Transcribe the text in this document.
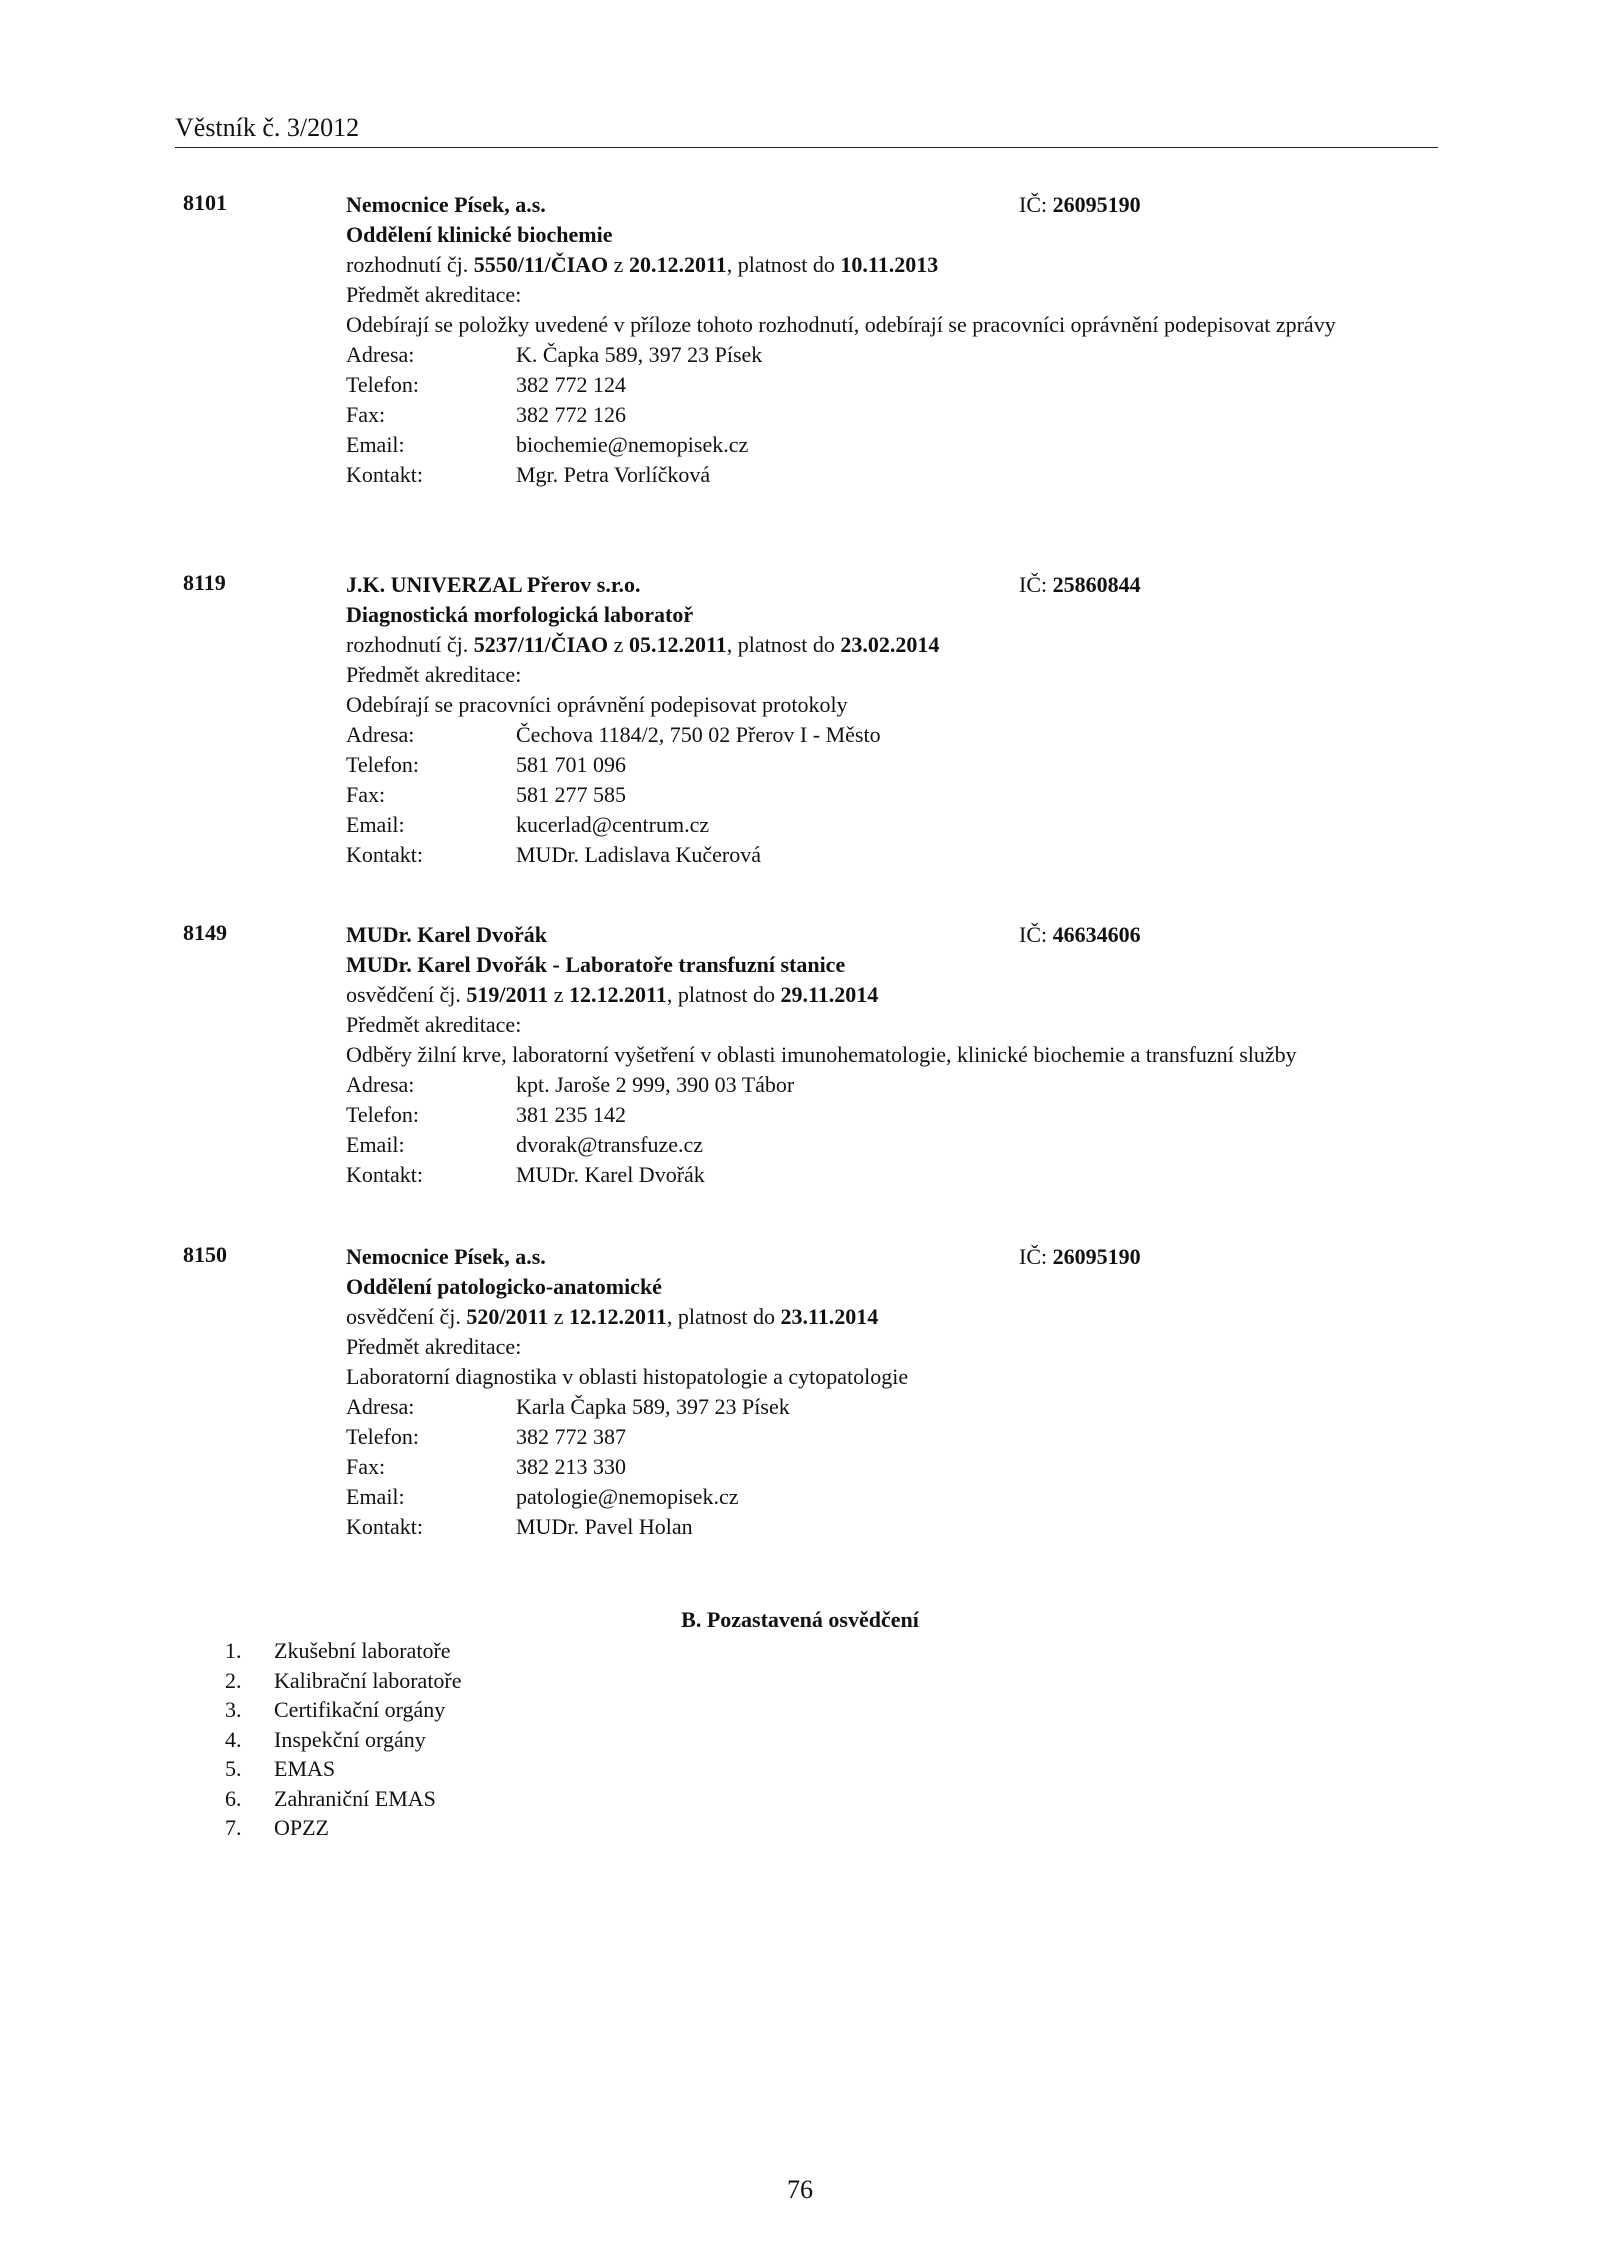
Věstník č. 3/2012
8101	Nemocnice Písek, a.s.	IČ: 26095190
Oddělení klinické biochemie
rozhodnutí čj. 5550/11/ČIAO z 20.12.2011, platnost do 10.11.2013
Předmět akreditace:
Odebírají se položky uvedené v příloze tohoto rozhodnutí, odebírají se pracovníci oprávnění podepisovat zprávy
Adresa:	K. Čapka 589, 397 23 Písek
Telefon:	382 772 124
Fax:	382 772 126
Email:	biochemie@nemopisek.cz
Kontakt:	Mgr. Petra Vorlíčková
8119	J.K. UNIVERZAL Přerov s.r.o.	IČ: 25860844
Diagnostická morfologická laboratoř
rozhodnutí čj. 5237/11/ČIAO z 05.12.2011, platnost do 23.02.2014
Předmět akreditace:
Odebírají se pracovníci oprávnění podepisovat protokoly
Adresa:	Čechova 1184/2, 750 02 Přerov I - Město
Telefon:	581 701 096
Fax:	581 277 585
Email:	kucerlad@centrum.cz
Kontakt:	MUDr. Ladislava Kučerová
8149	MUDr. Karel Dvořák	IČ: 46634606
MUDr. Karel Dvořák - Laboratoře transfuzní stanice
osvědčení čj. 519/2011 z 12.12.2011, platnost do 29.11.2014
Předmět akreditace:
Odběry žilní krve, laboratorní vyšetření v oblasti imunohematologie, klinické biochemie a transfuzní služby
Adresa:	kpt. Jaroše 2 999, 390 03 Tábor
Telefon:	381 235 142
Email:	dvorak@transfuze.cz
Kontakt:	MUDr. Karel Dvořák
8150	Nemocnice Písek, a.s.	IČ: 26095190
Oddělení patologicko-anatomické
osvědčení čj. 520/2011 z 12.12.2011, platnost do 23.11.2014
Předmět akreditace:
Laboratorní diagnostika v oblasti histopatologie a cytopatologie
Adresa:	Karla Čapka 589, 397 23 Písek
Telefon:	382 772 387
Fax:	382 213 330
Email:	patologie@nemopisek.cz
Kontakt:	MUDr. Pavel Holan
B. Pozastavená osvědčení
1. Zkušební laboratoře
2. Kalibrační laboratoře
3. Certifikační orgány
4. Inspekční orgány
5. EMAS
6. Zahraniční EMAS
7. OPZZ
76
